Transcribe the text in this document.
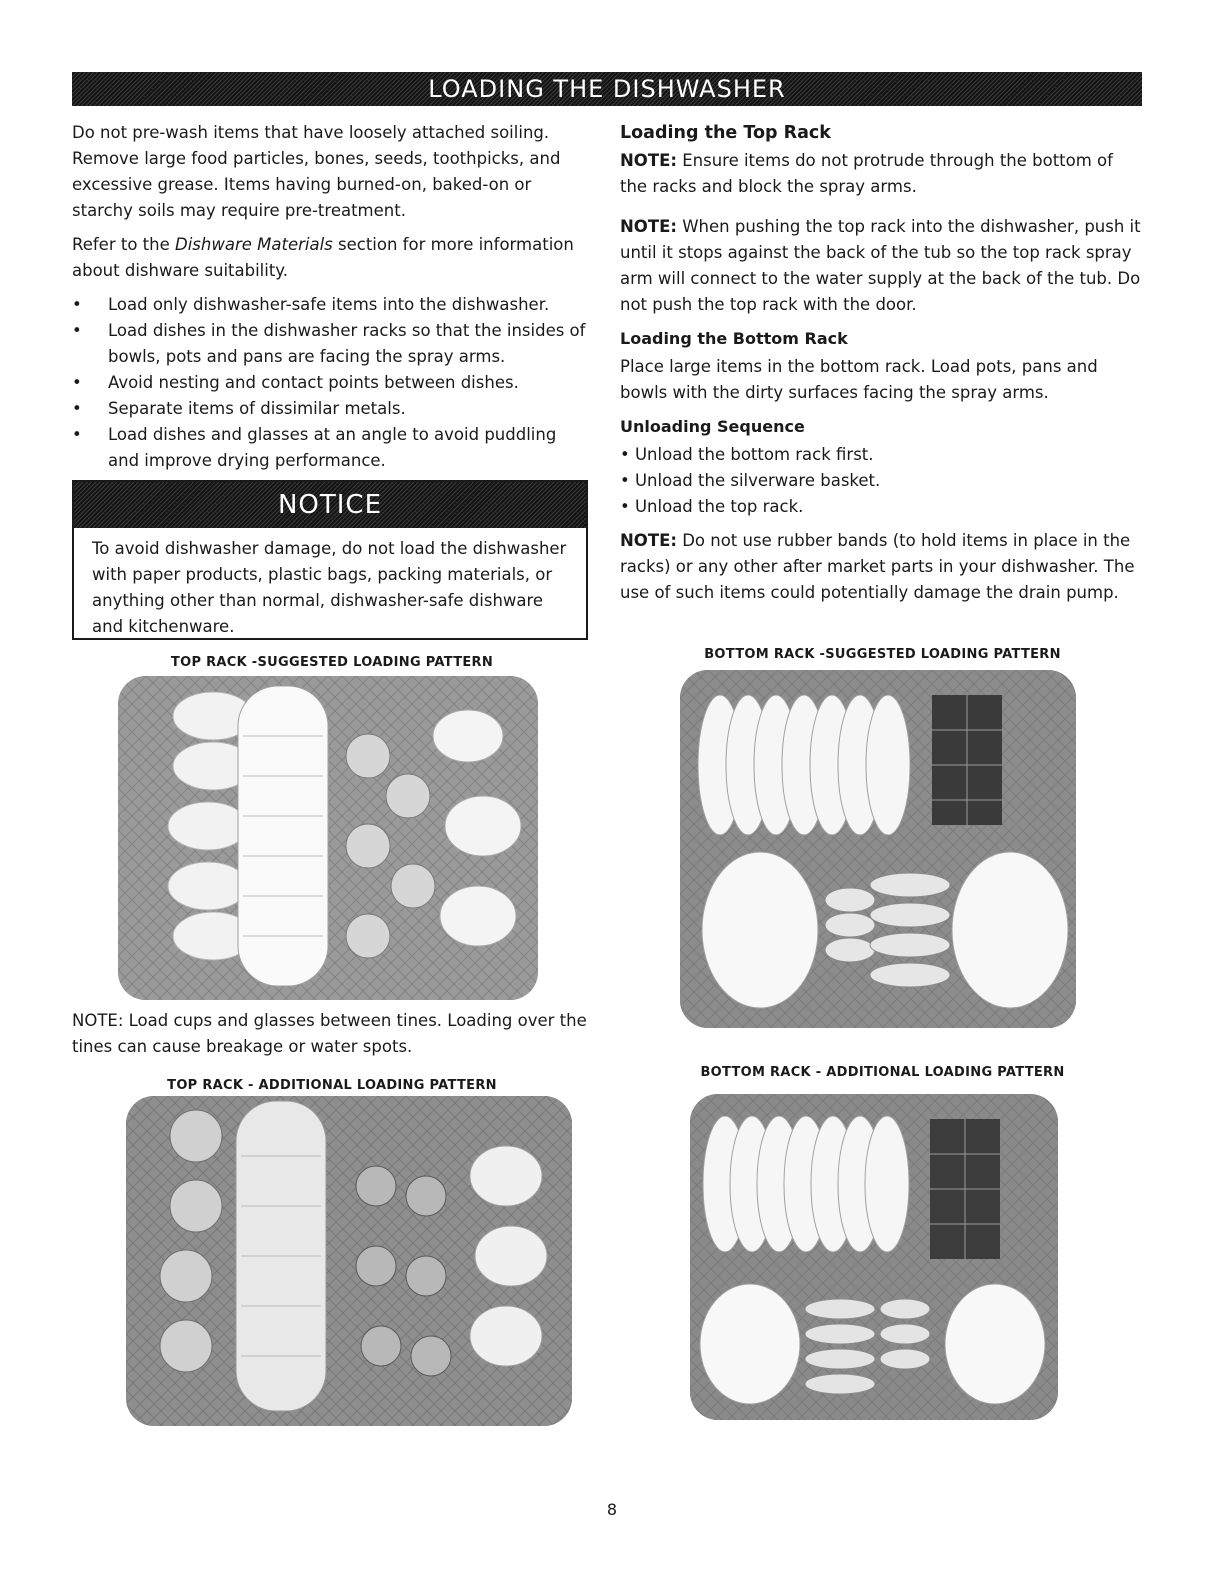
LOADING THE DISHWASHER

Do not pre-wash items that have loosely attached soiling. Remove large food particles, bones, seeds, toothpicks, and excessive grease. Items having burned-on, baked-on or starchy soils may require pre-treatment.

Refer to the Dishware Materials section for more information about dishware suitability.

• Load only dishwasher-safe items into the dishwasher.
• Load dishes in the dishwasher racks so that the insides of bowls, pots and pans are facing the spray arms.
• Avoid nesting and contact points between dishes.
• Separate items of dissimilar metals.
• Load dishes and glasses at an angle to avoid puddling and improve drying performance.
NOTICE
To avoid dishwasher damage, do not load the dishwasher with paper products, plastic bags, packing materials, or anything other than normal, dishwasher-safe dishware and kitchenware.
Loading the Top Rack

NOTE: Ensure items do not protrude through the bottom of the racks and block the spray arms.

NOTE: When pushing the top rack into the dishwasher, push it until it stops against the back of the tub so the top rack spray arm will connect to the water supply at the back of the tub. Do not push the top rack with the door.

Loading the Bottom Rack

Place large items in the bottom rack. Load pots, pans and bowls with the dirty surfaces facing the spray arms.

Unloading Sequence
• Unload the bottom rack first.
• Unload the silverware basket.
• Unload the top rack.

NOTE: Do not use rubber bands (to hold items in place in the racks) or any other after market parts in your dishwasher. The use of such items could potentially damage the drain pump.

TOP RACK -SUGGESTED LOADING PATTERN
NOTE: Load cups and glasses between tines. Loading over the tines can cause breakage or water spots.
TOP RACK - ADDITIONAL LOADING PATTERN
BOTTOM RACK -SUGGESTED LOADING PATTERN
BOTTOM RACK - ADDITIONAL LOADING PATTERN
8
